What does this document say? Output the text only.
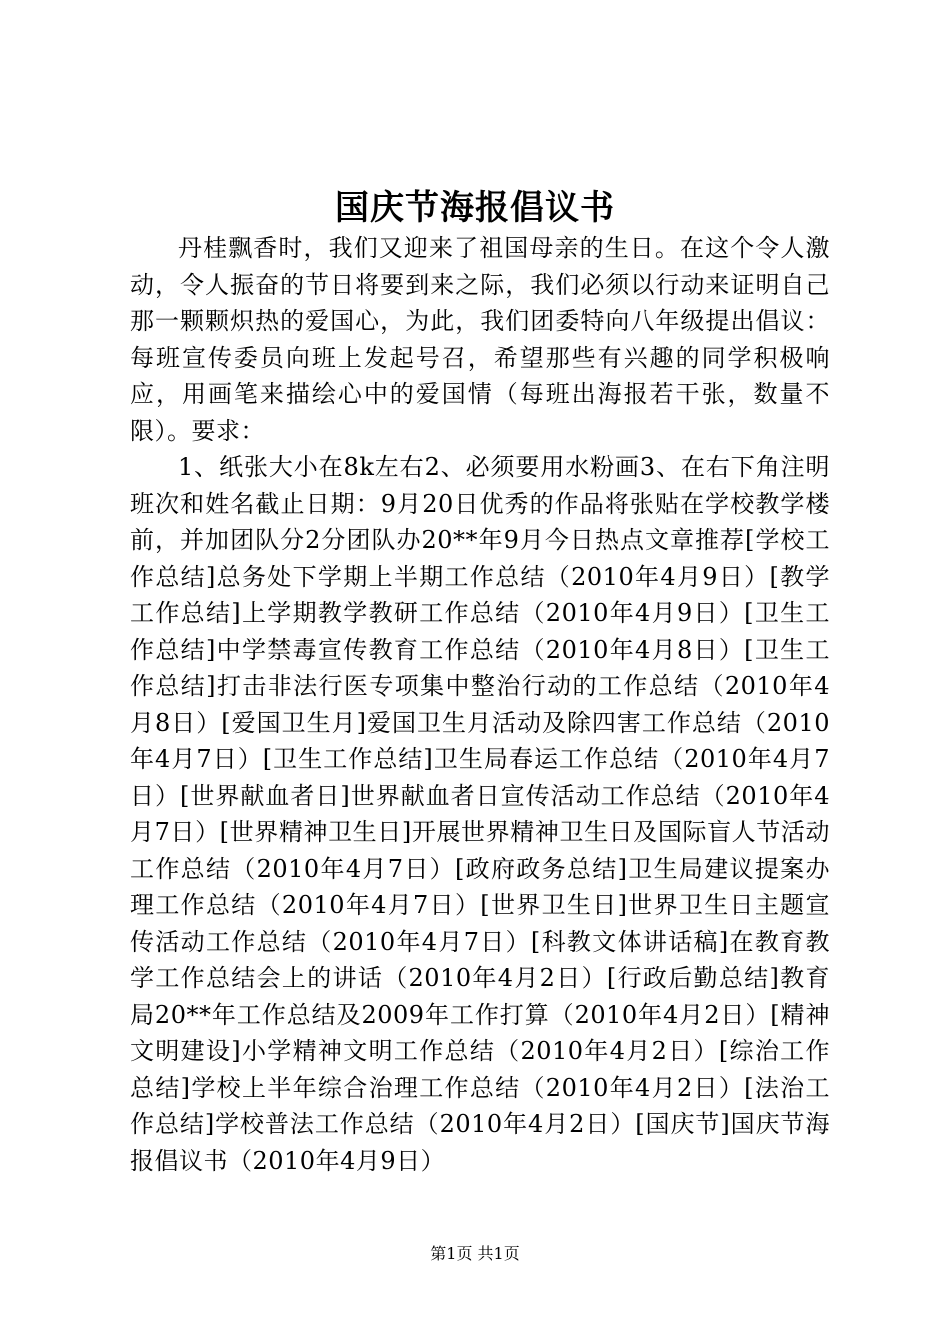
国庆节海报倡议书

丹桂飘香时，我们又迎来了祖国母亲的生日。在这个令人激动，令人振奋的节日将要到来之际，我们必须以行动来证明自己那一颗颗炽热的爱国心，为此，我们团委特向八年级提出倡议：每班宣传委员向班上发起号召，希望那些有兴趣的同学积极响应，用画笔来描绘心中的爱国情（每班出海报若干张，数量不限）。要求：

1、纸张大小在8k左右2、必须要用水粉画3、在右下角注明班次和姓名截止日期：9月20日优秀的作品将张贴在学校教学楼前，并加团队分2分团队办20**年9月今日热点文章推荐[学校工作总结]总务处下学期上半期工作总结（2010年4月9日）[教学工作总结]上学期教学教研工作总结（2010年4月9日）[卫生工作总结]中学禁毒宣传教育工作总结（2010年4月8日）[卫生工作总结]打击非法行医专项集中整治行动的工作总结（2010年4月8日）[爱国卫生月]爱国卫生月活动及除四害工作总结（2010年4月7日）[卫生工作总结]卫生局春运工作总结（2010年4月7日）[世界献血者日]世界献血者日宣传活动工作总结（2010年4月7日）[世界精神卫生日]开展世界精神卫生日及国际盲人节活动工作总结（2010年4月7日）[政府政务总结]卫生局建议提案办理工作总结（2010年4月7日）[世界卫生日]世界卫生日主题宣传活动工作总结（2010年4月7日）[科教文体讲话稿]在教育教学工作总结会上的讲话（2010年4月2日）[行政后勤总结]教育局20**年工作总结及2009年工作打算（2010年4月2日）[精神文明建设]小学精神文明工作总结（2010年4月2日）[综治工作总结]学校上半年综合治理工作总结（2010年4月2日）[法治工作总结]学校普法工作总结（2010年4月2日）[国庆节]国庆节海报倡议书（2010年4月9日）

第1页 共1页
